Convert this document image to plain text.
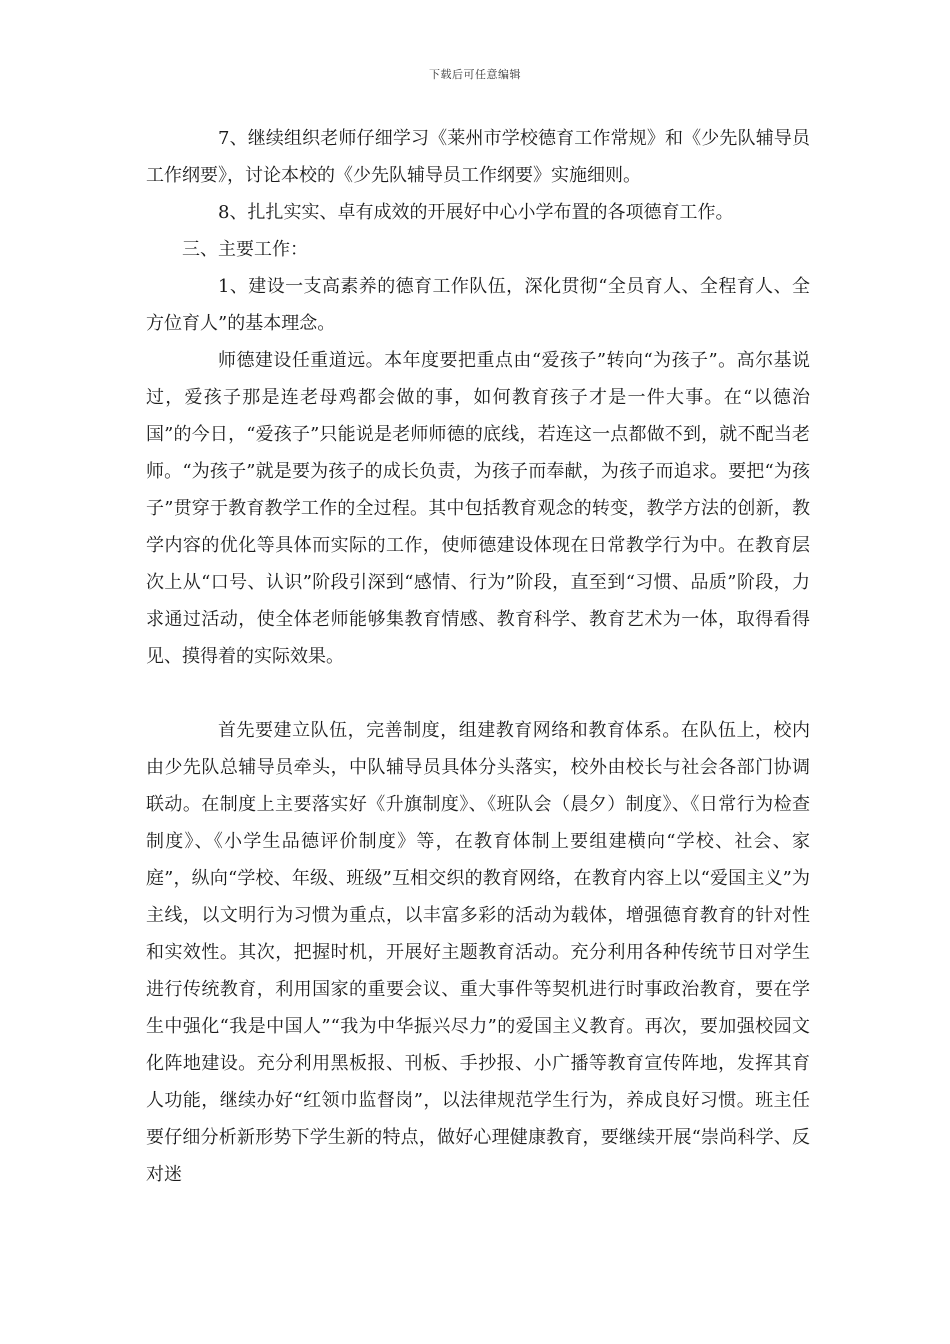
下载后可任意编辑

7、继续组织老师仔细学习《莱州市学校德育工作常规》和《少先队辅导员工作纲要》，讨论本校的《少先队辅导员工作纲要》实施细则。

8、扎扎实实、卓有成效的开展好中心小学布置的各项德育工作。

三、主要工作：

1、建设一支高素养的德育工作队伍，深化贯彻“全员育人、全程育人、全方位育人”的基本理念。

师德建设任重道远。本年度要把重点由“爱孩子”转向“为孩子”。高尔基说过，爱孩子那是连老母鸡都会做的事，如何教育孩子才是一件大事。在“以德治国”的今日，“爱孩子”只能说是老师师德的底线，若连这一点都做不到，就不配当老师。“为孩子”就是要为孩子的成长负责，为孩子而奉献，为孩子而追求。要把“为孩子”贯穿于教育教学工作的全过程。其中包括教育观念的转变，教学方法的创新，教学内容的优化等具体而实际的工作，使师德建设体现在日常教学行为中。在教育层次上从“口号、认识”阶段引深到“感情、行为”阶段，直至到“习惯、品质”阶段，力求通过活动，使全体老师能够集教育情感、教育科学、教育艺术为一体，取得看得见、摸得着的实际效果。

首先要建立队伍，完善制度，组建教育网络和教育体系。在队伍上，校内由少先队总辅导员牵头，中队辅导员具体分头落实，校外由校长与社会各部门协调联动。在制度上主要落实好《升旗制度》、《班队会（晨夕）制度》、《日常行为检查制度》、《小学生品德评价制度》等，在教育体制上要组建横向“学校、社会、家庭”，纵向“学校、年级、班级”互相交织的教育网络，在教育内容上以“爱国主义”为主线，以文明行为习惯为重点，以丰富多彩的活动为载体，增强德育教育的针对性和实效性。其次，把握时机，开展好主题教育活动。充分利用各种传统节日对学生进行传统教育，利用国家的重要会议、重大事件等契机进行时事政治教育，要在学生中强化“我是中国人”“我为中华振兴尽力”的爱国主义教育。再次，要加强校园文化阵地建设。充分利用黑板报、刊板、手抄报、小广播等教育宣传阵地，发挥其育人功能，继续办好“红领巾监督岗”，以法律规范学生行为，养成良好习惯。班主任要仔细分析新形势下学生新的特点，做好心理健康教育，要继续开展“崇尚科学、反对迷
